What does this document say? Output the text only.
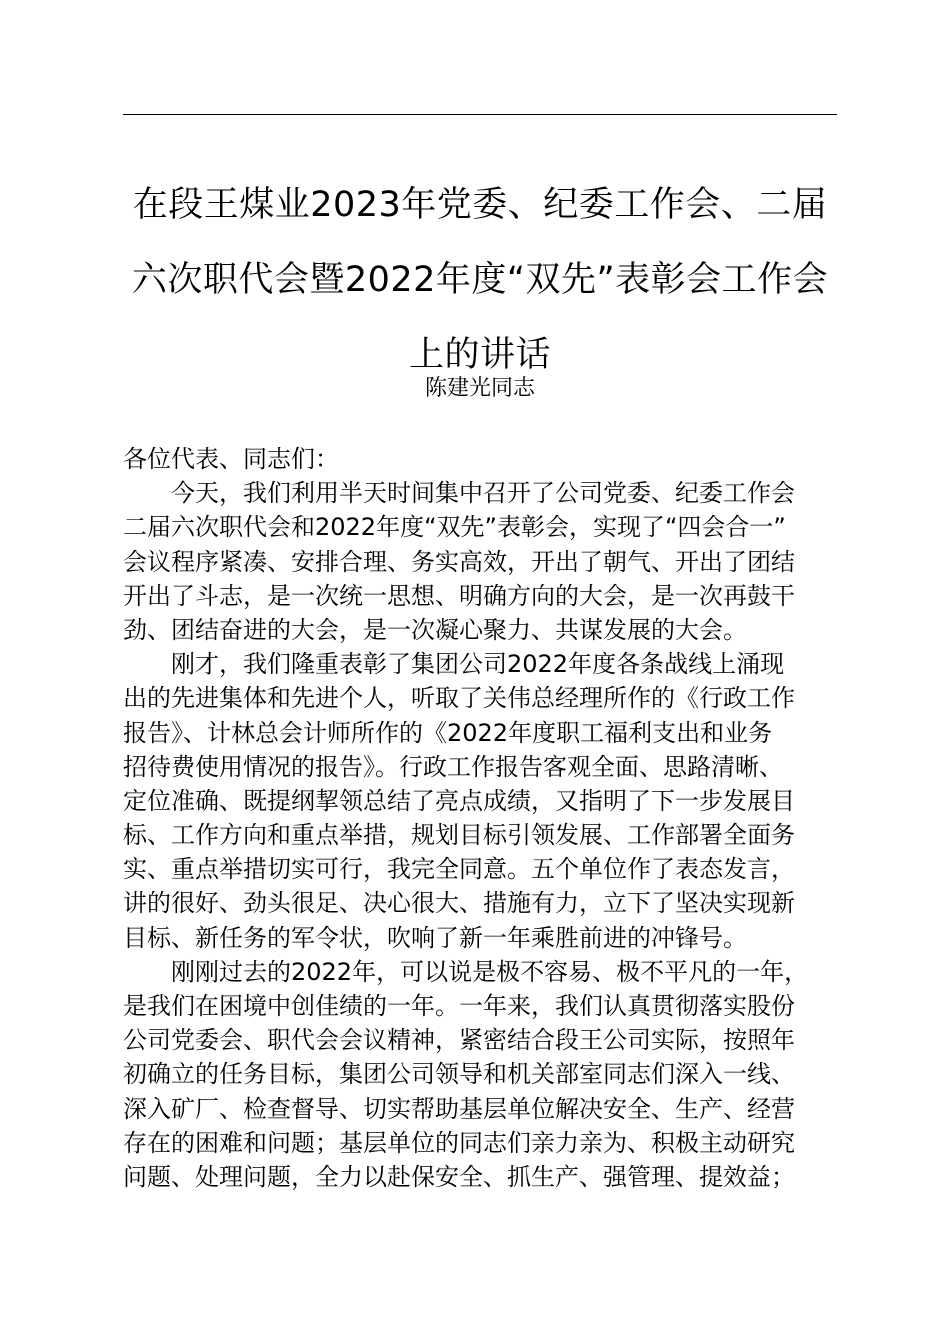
在段王煤业2023年党委、纪委工作会、二届
六次职代会暨2022年度“双先”表彰会工作会
上的讲话

陈建光同志

各位代表、同志们：
今天，我们利用半天时间集中召开了公司党委、纪委工作会
二届六次职代会和2022年度“双先”表彰会，实现了“四会合一”
会议程序紧凑、安排合理、务实高效，开出了朝气、开出了团结
开出了斗志，是一次统一思想、明确方向的大会，是一次再鼓干
劲、团结奋进的大会，是一次凝心聚力、共谋发展的大会。
刚才，我们隆重表彰了集团公司2022年度各条战线上涌现
出的先进集体和先进个人，听取了关伟总经理所作的《行政工作
报告》、计林总会计师所作的《2022年度职工福利支出和业务
招待费使用情况的报告》。行政工作报告客观全面、思路清晰、
定位准确、既提纲挈领总结了亮点成绩，又指明了下一步发展目
标、工作方向和重点举措，规划目标引领发展、工作部署全面务
实、重点举措切实可行，我完全同意。五个单位作了表态发言，
讲的很好、劲头很足、决心很大、措施有力，立下了坚决实现新
目标、新任务的军令状，吹响了新一年乘胜前进的冲锋号。
刚刚过去的2022年，可以说是极不容易、极不平凡的一年，
是我们在困境中创佳绩的一年。一年来，我们认真贯彻落实股份
公司党委会、职代会会议精神，紧密结合段王公司实际，按照年
初确立的任务目标，集团公司领导和机关部室同志们深入一线、
深入矿厂、检查督导、切实帮助基层单位解决安全、生产、经营
存在的困难和问题；基层单位的同志们亲力亲为、积极主动研究
问题、处理问题，全力以赴保安全、抓生产、强管理、提效益；
